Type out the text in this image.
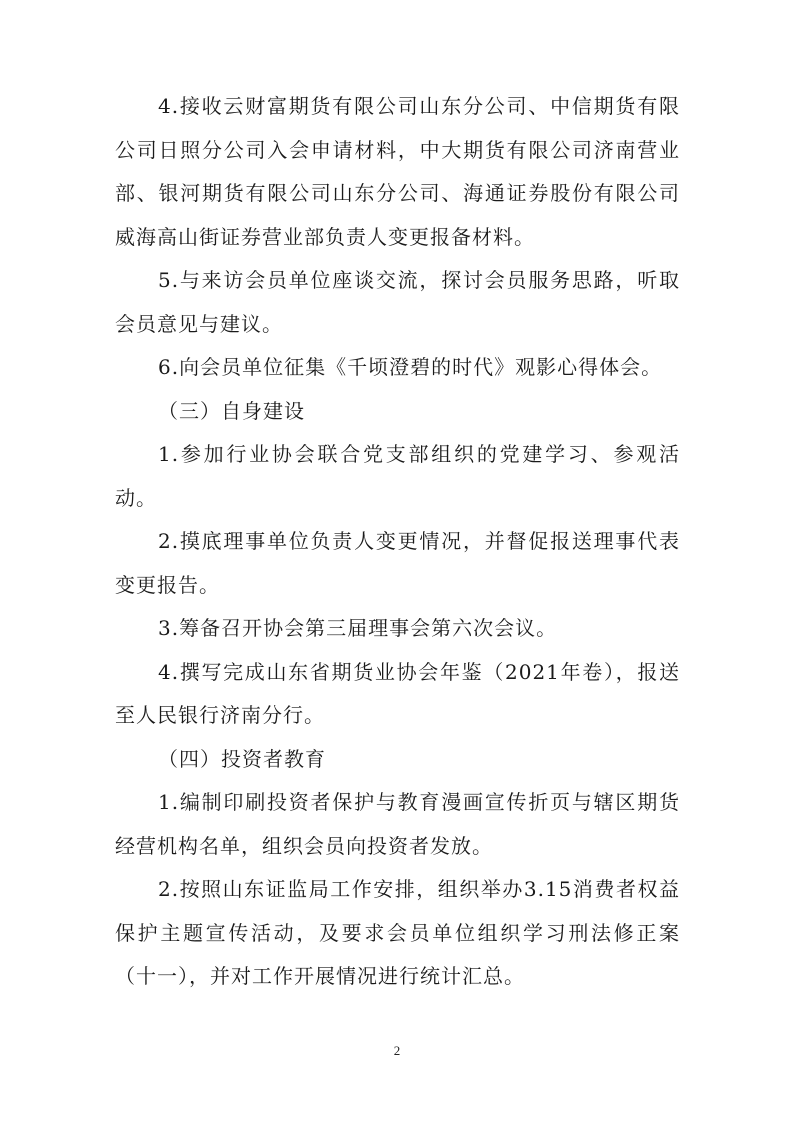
4.接收云财富期货有限公司山东分公司、中信期货有限公司日照分公司入会申请材料，中大期货有限公司济南营业部、银河期货有限公司山东分公司、海通证券股份有限公司威海高山街证券营业部负责人变更报备材料。

5.与来访会员单位座谈交流，探讨会员服务思路，听取会员意见与建议。

6.向会员单位征集《千顷澄碧的时代》观影心得体会。

（三）自身建设

1.参加行业协会联合党支部组织的党建学习、参观活动。

2.摸底理事单位负责人变更情况，并督促报送理事代表变更报告。

3.筹备召开协会第三届理事会第六次会议。

4.撰写完成山东省期货业协会年鉴（2021年卷），报送至人民银行济南分行。

（四）投资者教育

1.编制印刷投资者保护与教育漫画宣传折页与辖区期货经营机构名单，组织会员向投资者发放。

2.按照山东证监局工作安排，组织举办3.15消费者权益保护主题宣传活动，及要求会员单位组织学习刑法修正案（十一），并对工作开展情况进行统计汇总。

2
